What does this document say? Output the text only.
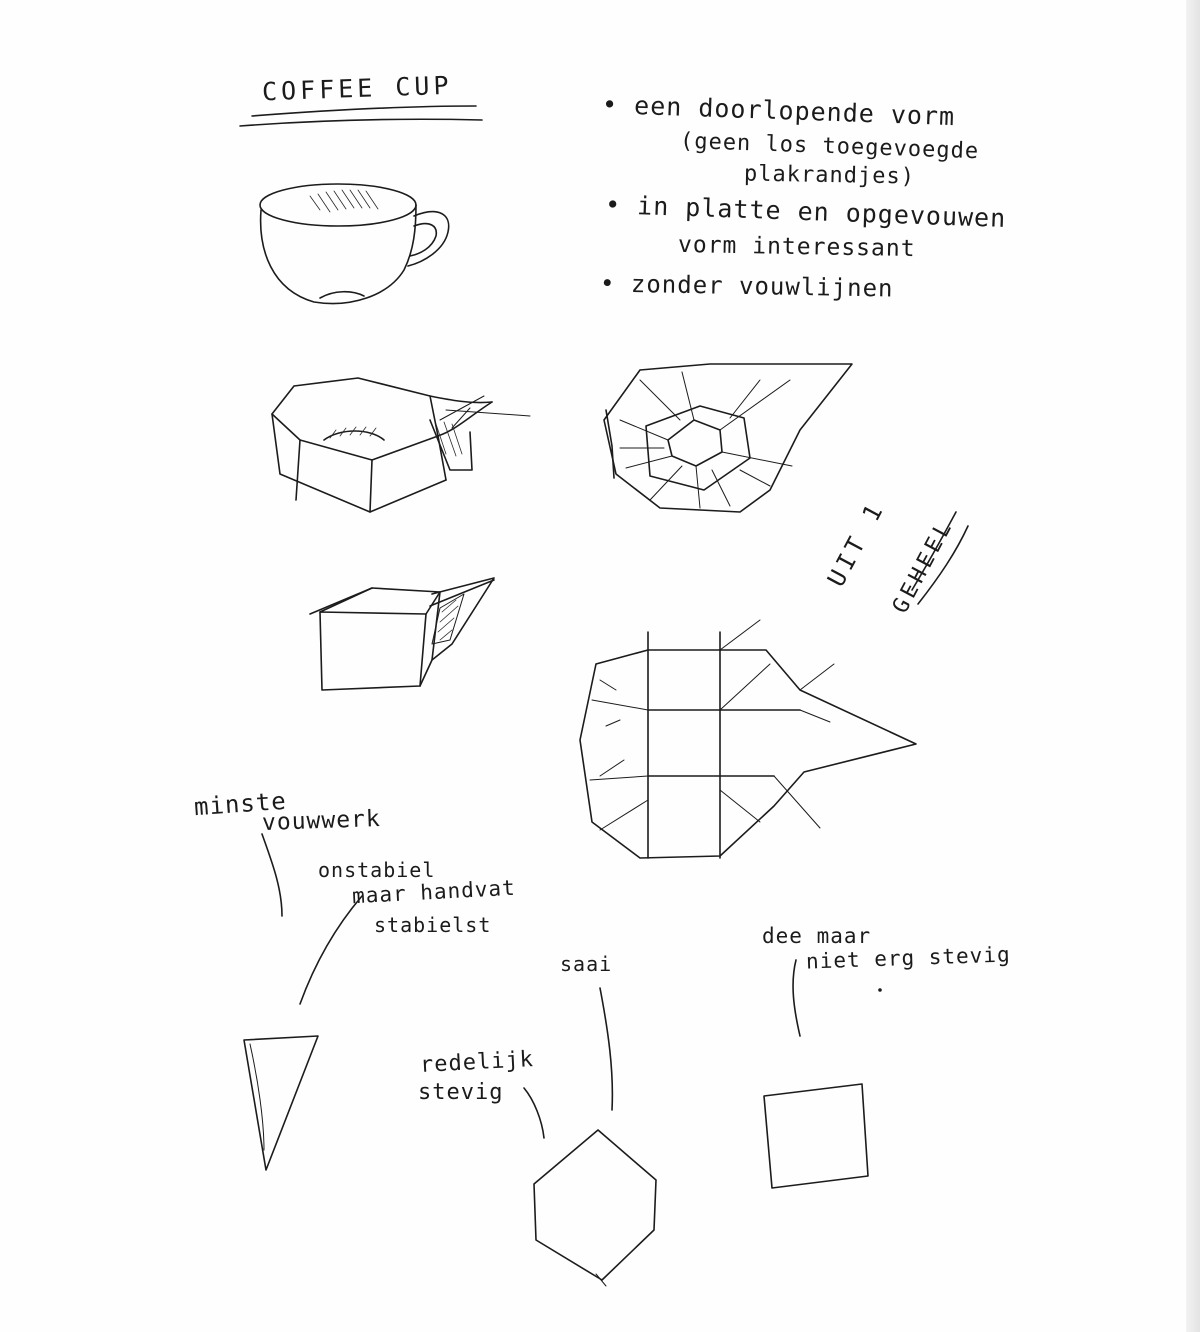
COFFEE CUP	• een doorlopende vorm

(geen los toegevoegde

plakrandjes)

• in platte en opgevouwen

vorm interessant

• zonder vouwlijnen

UIT 1

GEHEEL

minste

vouwwerk

onstabiel

maar handvat

stabielst

saai

dee maar

niet erg stevig

redelijk

stevig
